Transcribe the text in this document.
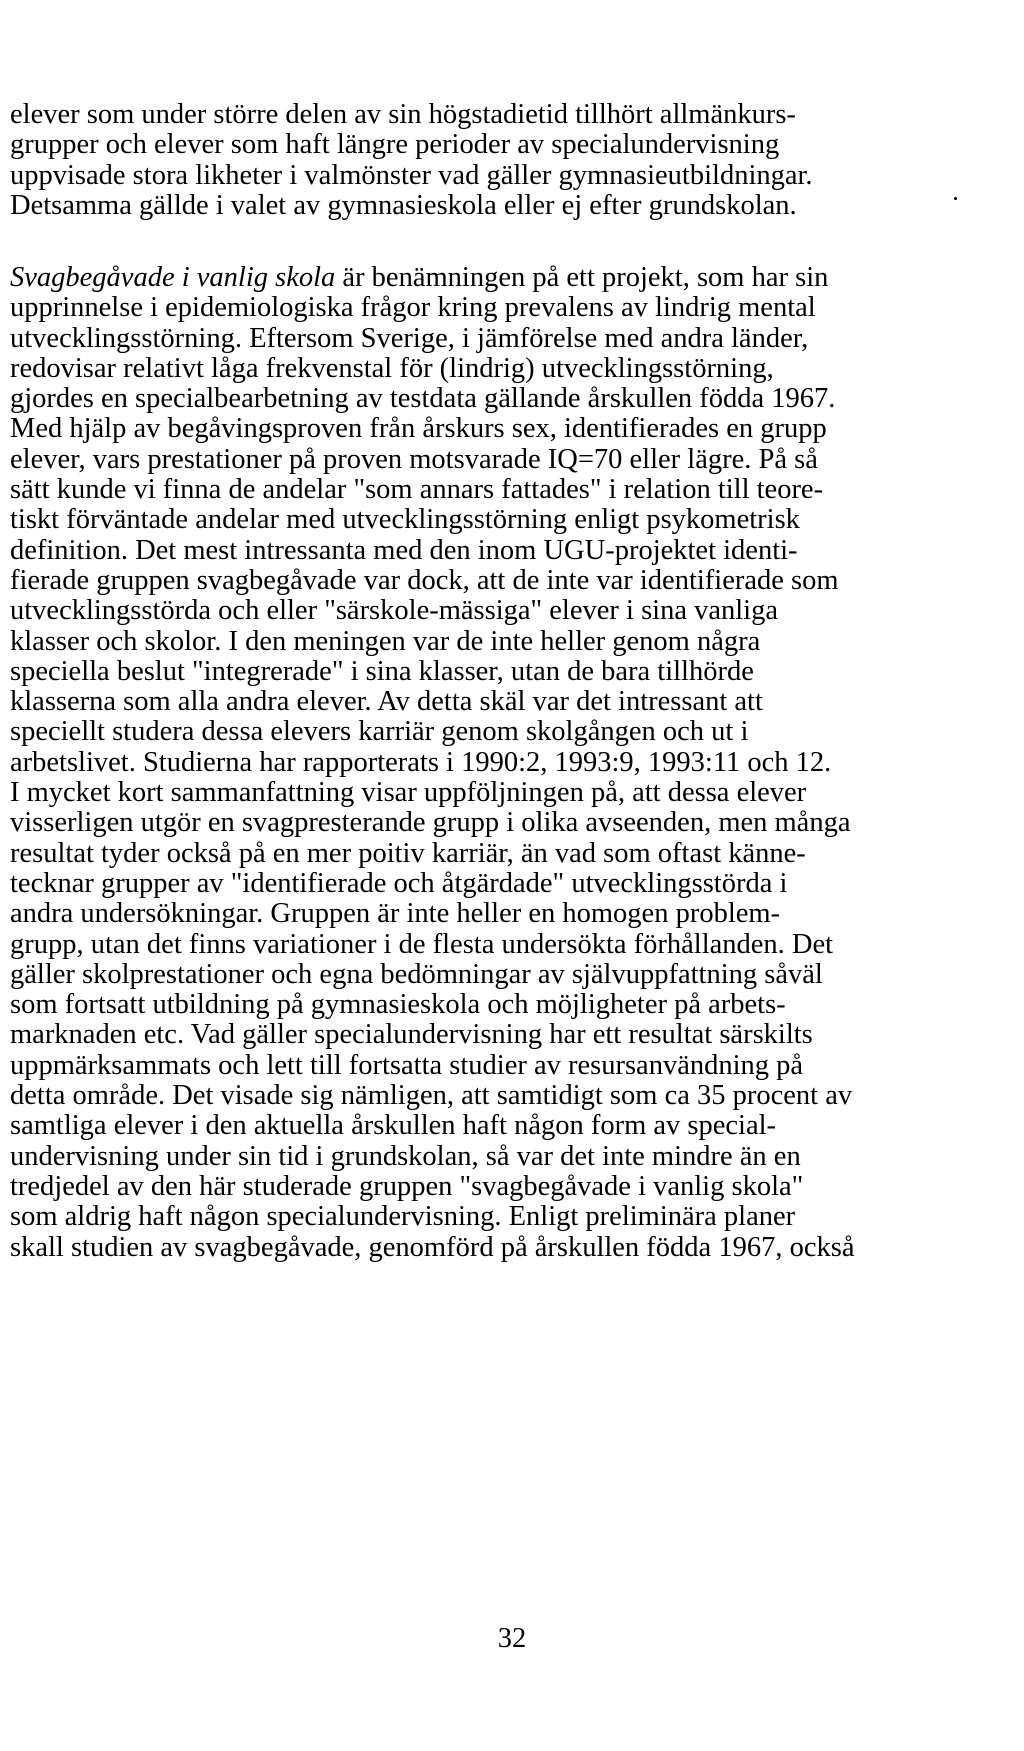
elever som under större delen av sin högstadietid tillhört allmänkurs-
grupper och elever som haft längre perioder av specialundervisning
uppvisade stora likheter i valmönster vad gäller gymnasieutbildningar.
Detsamma gällde i valet av gymnasieskola eller ej efter grundskolan.
Svagbegåvade i vanlig skola är benämningen på ett projekt, som har sin
upprinnelse i epidemiologiska frågor kring prevalens av lindrig mental
utvecklingsstörning. Eftersom Sverige, i jämförelse med andra länder,
redovisar relativt låga frekvenstal för (lindrig) utvecklingsstörning,
gjordes en specialbearbetning av testdata gällande årskullen födda 1967.
Med hjälp av begåvingsproven från årskurs sex, identifierades en grupp
elever, vars prestationer på proven motsvarade IQ=70 eller lägre. På så
sätt kunde vi finna de andelar "som annars fattades" i relation till teore-
tiskt förväntade andelar med utvecklingsstörning enligt psykometrisk
definition. Det mest intressanta med den inom UGU-projektet identi-
fierade gruppen svagbegåvade var dock, att de inte var identifierade som
utvecklingsstörda och eller "särskole-mässiga" elever i sina vanliga
klasser och skolor. I den meningen var de inte heller genom några
speciella beslut "integrerade" i sina klasser, utan de bara tillhörde
klasserna som alla andra elever. Av detta skäl var det intressant att
speciellt studera dessa elevers karriär genom skolgången och ut i
arbetslivet. Studierna har rapporterats i 1990:2, 1993:9, 1993:11 och 12.
I mycket kort sammanfattning visar uppföljningen på, att dessa elever
visserligen utgör en svagpresterande grupp i olika avseenden, men många
resultat tyder också på en mer poitiv karriär, än vad som oftast känne-
tecknar grupper av "identifierade och åtgärdade" utvecklingsstörda i
andra undersökningar. Gruppen är inte heller en homogen problem-
grupp, utan det finns variationer i de flesta undersökta förhållanden. Det
gäller skolprestationer och egna bedömningar av självuppfattning såväl
som fortsatt utbildning på gymnasieskola och möjligheter på arbets-
marknaden etc. Vad gäller specialundervisning har ett resultat särskilts
uppmärksammats och lett till fortsatta studier av resursanvändning på
detta område. Det visade sig nämligen, att samtidigt som ca 35 procent av
samtliga elever i den aktuella årskullen haft någon form av special-
undervisning under sin tid i grundskolan, så var det inte mindre än en
tredjedel av den här studerade gruppen "svagbegåvade i vanlig skola"
som aldrig haft någon specialundervisning. Enligt preliminära planer
skall studien av svagbegåvade, genomförd på årskullen födda 1967, också
32
